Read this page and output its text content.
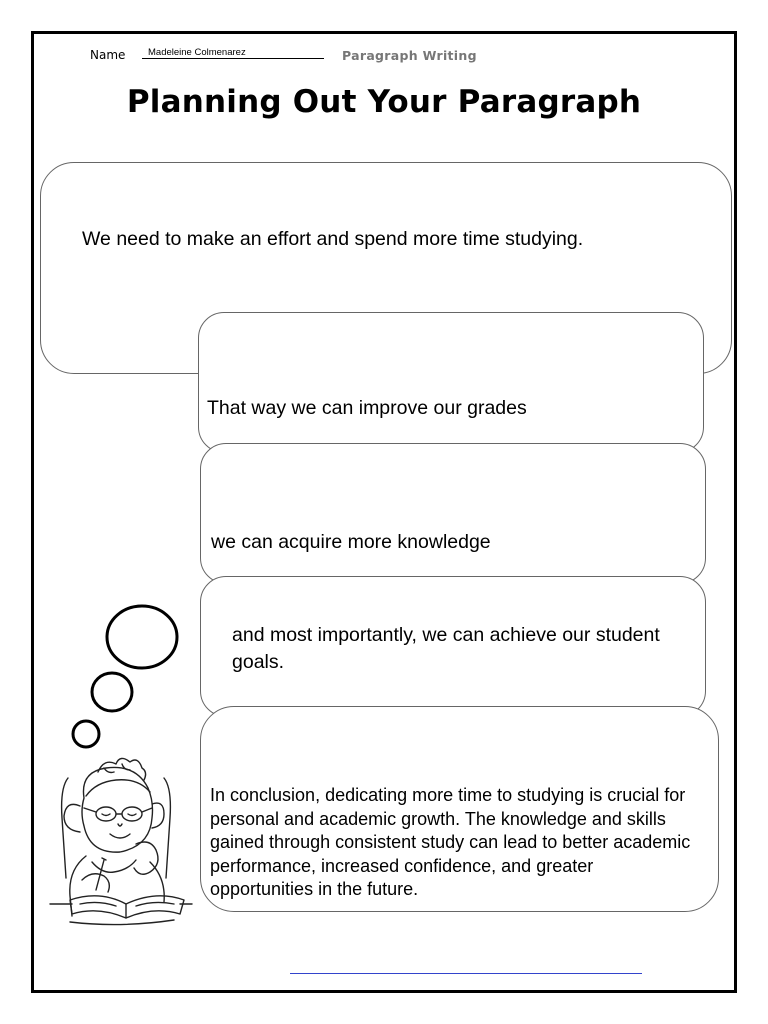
Name	Madeleine Colmenarez	Paragraph Writing
Planning Out Your Paragraph
We need to make an effort and spend more time studying.
That way we can improve our grades
we can acquire more knowledge
and most importantly, we can achieve our student goals.
In conclusion, dedicating more time to studying is crucial for personal and academic growth. The knowledge and skills gained through consistent study can lead to better academic performance, increased confidence, and greater opportunities in the future.
